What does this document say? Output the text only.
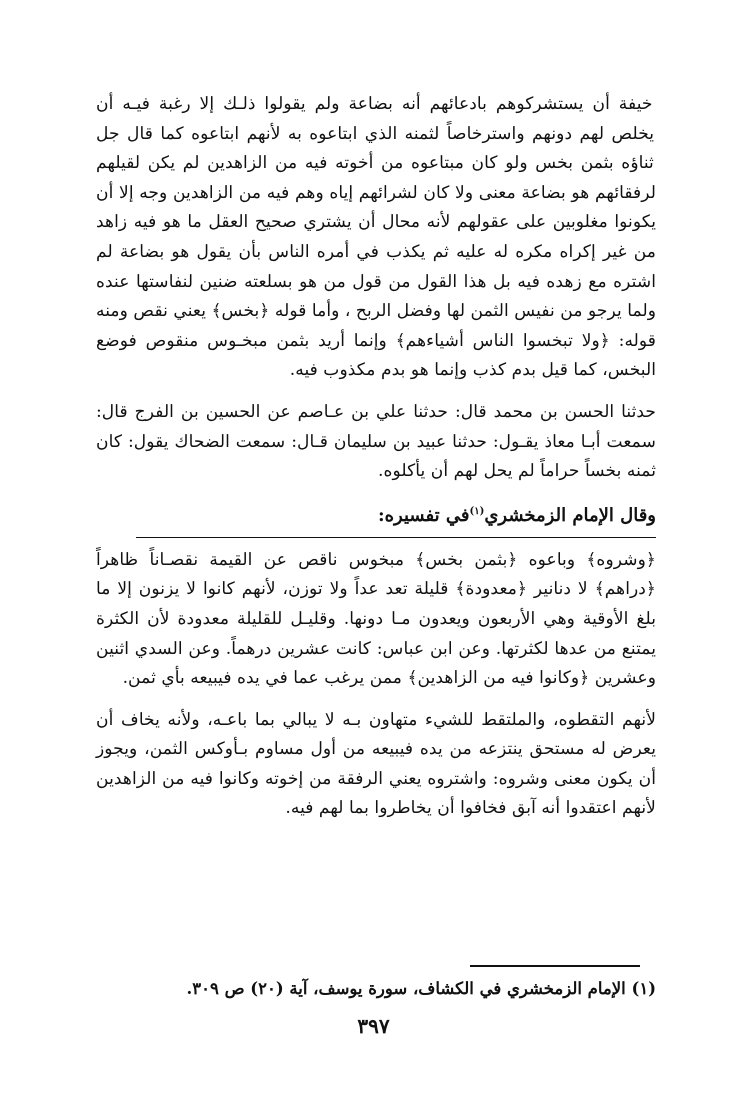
خيفة أن يستشركوهم بادعائهم أنه بضاعة ولم يقولوا ذلـك إلا رغبة فيـه أن يخلص لهم دونهم واسترخاصاً لثمنه الذي ابتاعوه به لأنهم ابتاعوه كما قال جل ثناؤه بثمن بخس ولو كان مبتاعوه من أخوته فيه من الزاهدين لم يكن لقيلهم لرفقائهم هو بضاعة معنى ولا كان لشرائهم إياه وهم فيه من الزاهدين وجه إلا أن يكونوا مغلوبين على عقولهم لأنه محال أن يشتري صحيح العقل ما هو فيه زاهد من غير إكراه مكره له عليه ثم يكذب في أمره الناس بأن يقول هو بضاعة لم اشتره مع زهده فيه بل هذا القول من قول من هو بسلعته ضنين لنفاستها عنده ولما يرجو من نفيس الثمن لها وفضل الربح ، وأما قوله ﴿بخس﴾ يعني نقص ومنه قوله: ﴿ولا تبخسوا الناس أشياءهم﴾ وإنما أريد بثمن مبخـوس منقوص فوضع البخس، كما قيل بدم كذب وإنما هو بدم مكذوب فيه.

حدثنا الحسن بن محمد قال: حدثنا علي بن عـاصم عن الحسين بن الفرج قال: سمعت أبـا معاذ يقـول: حدثنا عبيد بن سليمان قـال: سمعت الضحاك يقول: كان ثمنه بخساً حراماً لم يحل لهم أن يأكلوه.

وقال الإمام الزمخشري$^{(١)}$في تفسيره:

﴿وشروه﴾ وباعوه ﴿بثمن بخس﴾ مبخوس ناقص عن القيمة نقصـاناً ظاهراً ﴿دراهم﴾ لا دنانير ﴿معدودة﴾ قليلة تعد عداً ولا توزن، لأنهم كانوا لا يزنون إلا ما بلغ الأوقية وهي الأربعون ويعدون مـا دونها. وقليـل للقليلة معدودة لأن الكثرة يمتنع من عدها لكثرتها. وعن ابن عباس: كانت عشرين درهماً. وعن السدي اثنين وعشرين ﴿وكانوا فيه من الزاهدين﴾ ممن يرغب عما في يده فيبيعه بأي ثمن.

لأنهم التقطوه، والملتقط للشيء متهاون بـه لا يبالي بما باعـه، ولأنه يخاف أن يعرض له مستحق ينتزعه من يده فيبيعه من أول مساوم بـأوكس الثمن، ويجوز أن يكون معنى وشروه: واشتروه يعني الرفقة من إخوته وكانوا فيه من الزاهدين لأنهم اعتقدوا أنه آبق فخافوا أن يخاطروا بما لهم فيه.

(١) الإمام الزمخشري في الكشاف، سورة يوسف، آية (٢٠) ص ٣٠٩.
٣٩٧
